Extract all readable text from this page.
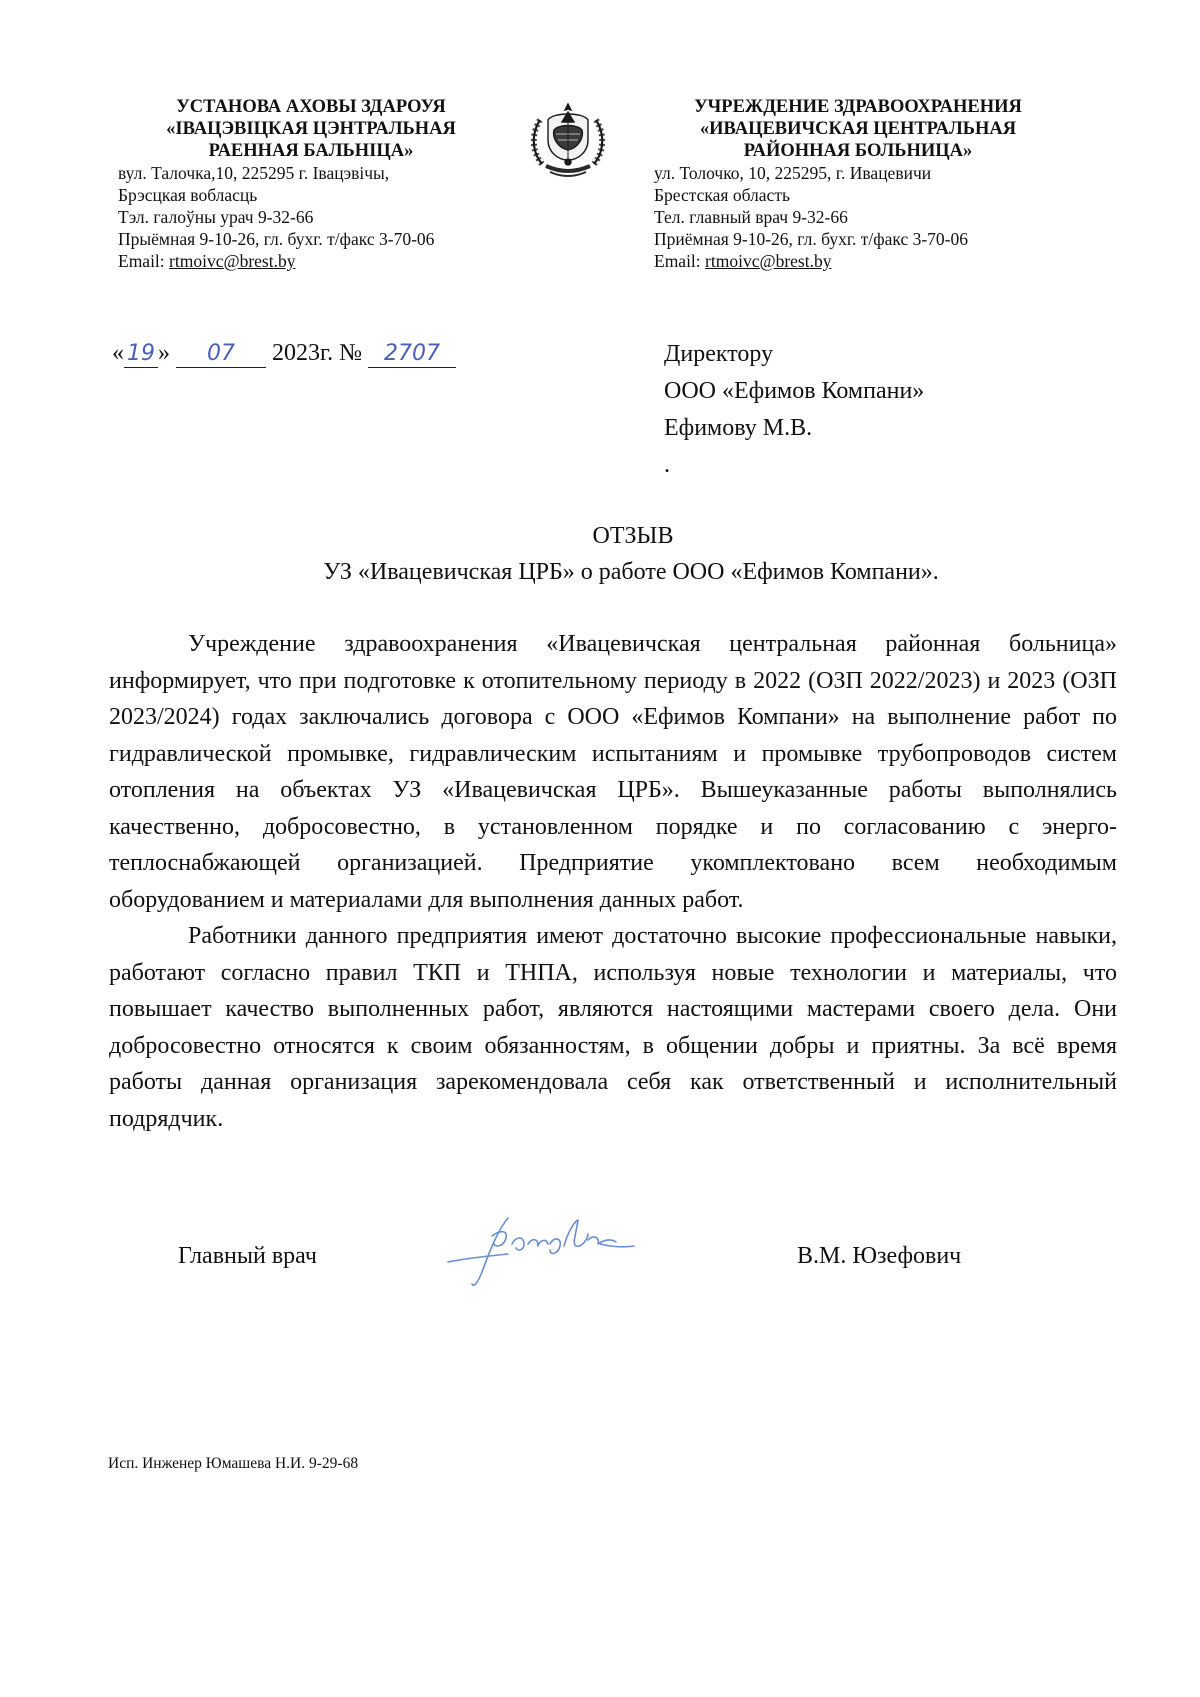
УСТАНОВА АХОВЫ ЗДАРОУЯ
«ІВАЦЭВІЦКАЯ ЦЭНТРАЛЬНАЯ
РАЕННАЯ БАЛЬНІЦА»
вул. Талочка,10, 225295 г. Івацэвічы,
Брэсцкая вобласць
Тэл. галоўны урач 9-32-66
Прыёмная 9-10-26, гл. бухг. т/факс 3-70-06
Email: rtmoivc@brest.by
УЧРЕЖДЕНИЕ ЗДРАВООХРАНЕНИЯ
«ИВАЦЕВИЧСКАЯ ЦЕНТРАЛЬНАЯ
РАЙОННАЯ БОЛЬНИЦА»
ул. Толочко, 10, 225295, г. Ивацевичи
Брестская область
Тел. главный врач 9-32-66
Приёмная 9-10-26, гл. бухг. т/факс 3-70-06
Email: rtmoivc@brest.by
« 19 » 07 2023г. № 2707	Директору
ООО «Ефимов Компани»
Ефимову М.В.
.
ОТЗЫВ
УЗ «Ивацевичская ЦРБ» о работе ООО «Ефимов Компани».

Учреждение здравоохранения «Ивацевичская центральная районная больница» информирует, что при подготовке к отопительному периоду в 2022 (ОЗП 2022/2023) и 2023 (ОЗП 2023/2024) годах заключались договора с ООО «Ефимов Компани» на выполнение работ по гидравлической промывке, гидравлическим испытаниям и промывке трубопроводов систем отопления на объектах УЗ «Ивацевичская ЦРБ». Вышеуказанные работы выполнялись качественно, добросовестно, в установленном порядке и по согласованию с энерго-теплоснабжающей организацией. Предприятие укомплектовано всем необходимым оборудованием и материалами для выполнения данных работ.

Работники данного предприятия имеют достаточно высокие профессиональные навыки, работают согласно правил ТКП и ТНПА, используя новые технологии и материалы, что повышает качество выполненных работ, являются настоящими мастерами своего дела. Они добросовестно относятся к своим обязанностям, в общении добры и приятны. За всё время работы данная организация зарекомендовала себя как ответственный и исполнительный подрядчик.

Главный врач	В.М. Юзефович
Исп. Инженер Юмашева Н.И. 9-29-68
